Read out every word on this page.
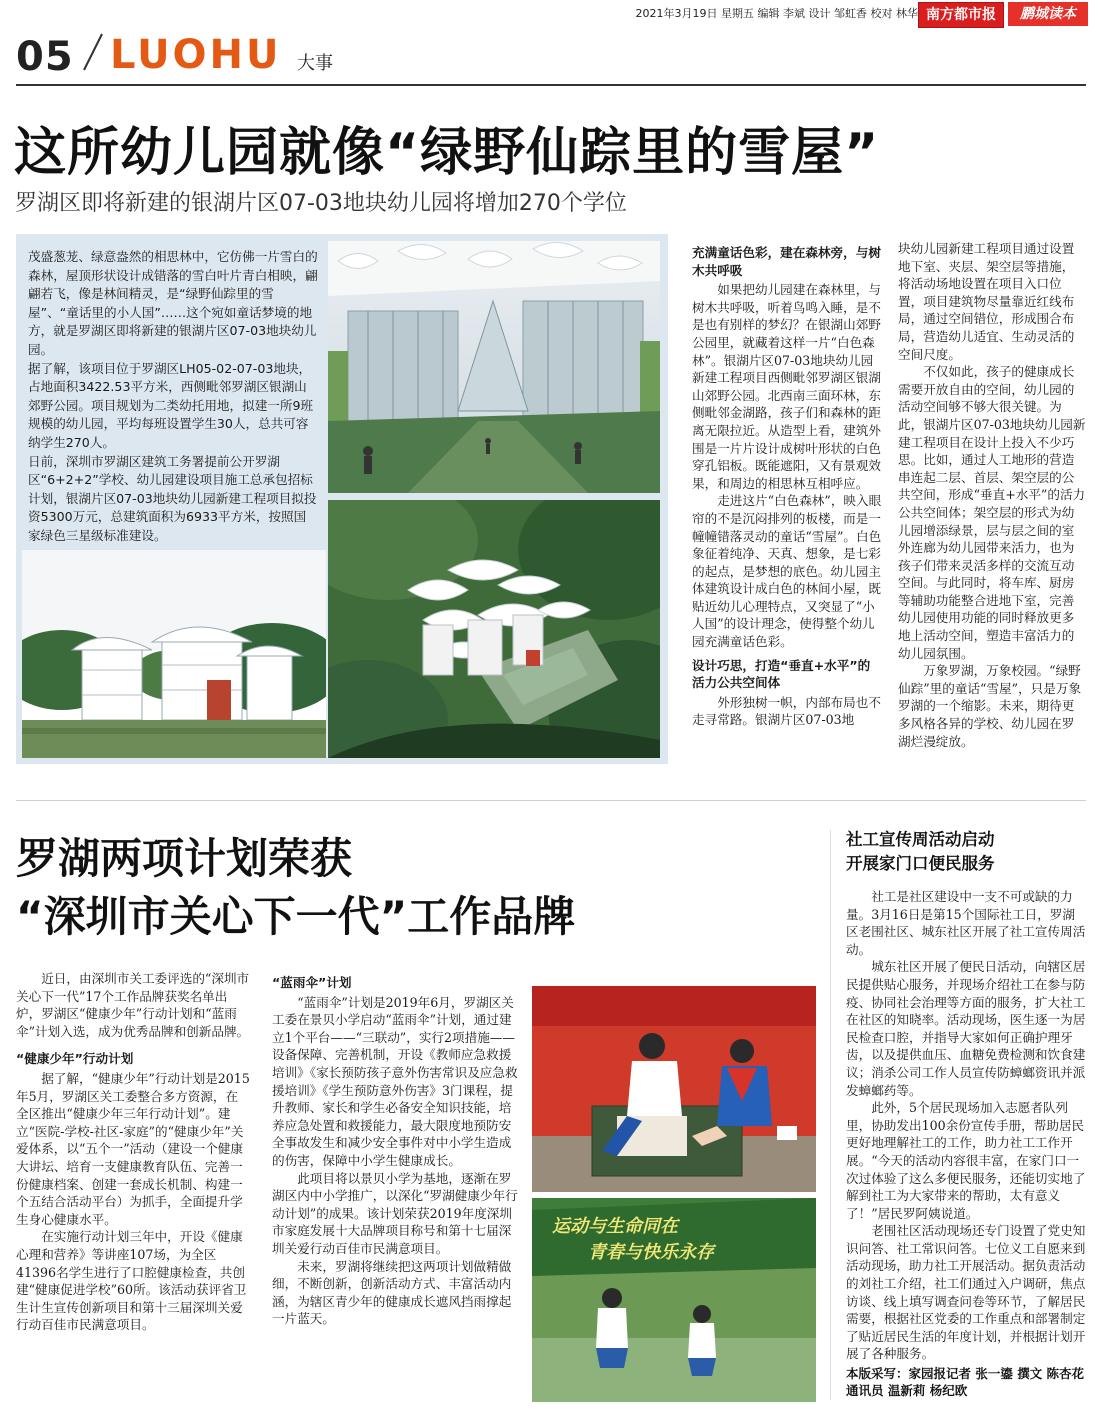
2021年3月19日 星期五 编辑 李斌 设计 邹虹香 校对 林华 南方都市报	鹏城读本
05 LUOHU 大事
这所幼儿园就像“绿野仙踪里的雪屋”
罗湖区即将新建的银湖片区07-03地块幼儿园将增加270个学位

茂盛葱茏、绿意盎然的相思林中，它仿佛一片雪白的森林，屋顶形状设计成错落的雪白叶片青白相映，翩翩若飞，像是林间精灵，是“绿野仙踪里的雪屋”、“童话里的小人国”……这个宛如童话梦境的地方，就是罗湖区即将新建的银湖片区07-03地块幼儿园。

据了解，该项目位于罗湖区LH05-02-07-03地块，占地面积3422.53平方米，西侧毗邻罗湖区银湖山郊野公园。项目规划为二类幼托用地，拟建一所9班规模的幼儿园，平均每班设置学生30人，总共可容纳学生270人。

日前，深圳市罗湖区建筑工务署提前公开罗湖区“6+2+2”学校、幼儿园建设项目施工总承包招标计划，银湖片区07-03地块幼儿园新建工程项目拟投资5300万元，总建筑面积为6933平方米，按照国家绿色三星级标准建设。

充满童话色彩，建在森林旁，与树木共呼吸

如果把幼儿园建在森林里，与树木共呼吸，听着鸟鸣入睡，是不是也有别样的梦幻？在银湖山郊野公园里，就藏着这样一片“白色森林”。银湖片区07-03地块幼儿园新建工程项目西侧毗邻罗湖区银湖山郊野公园。北西南三面环林，东侧毗邻金湖路，孩子们和森林的距离无限拉近。从造型上看，建筑外围是一片片设计成树叶形状的白色穿孔铝板。既能遮阳，又有景观效果，和周边的相思林互相呼应。

走进这片“白色森林”，映入眼帘的不是沉闷排列的板楼，而是一幢幢错落灵动的童话“雪屋”。白色象征着纯净、天真、想象，是七彩的起点，是梦想的底色。幼儿园主体建筑设计成白色的林间小屋，既贴近幼儿心理特点，又突显了“小人国”的设计理念，使得整个幼儿园充满童话色彩。

设计巧思，打造“垂直+水平”的活力公共空间体

外形独树一帜，内部布局也不走寻常路。银湖片区07-03地

块幼儿园新建工程项目通过设置地下室、夹层、架空层等措施，将活动场地设置在项目入口位置，项目建筑物尽量靠近红线布局，通过空间错位，形成围合布局，营造幼儿适宜、生动灵活的空间尺度。

不仅如此，孩子的健康成长需要开放自由的空间，幼儿园的活动空间够不够大很关键。为此，银湖片区07-03地块幼儿园新建工程项目在设计上投入不少巧思。比如，通过人工地形的营造串连起二层、首层、架空层的公共空间，形成“垂直+水平”的活力公共空间体；架空层的形式为幼儿园增添绿景，层与层之间的室外连廊为幼儿园带来活力，也为孩子们带来灵活多样的交流互动空间。与此同时，将车库、厨房等辅助功能整合进地下室，完善幼儿园使用功能的同时释放更多地上活动空间，塑造丰富活力的幼儿园氛围。

万象罗湖，万象校园。“绿野仙踪”里的童话“雪屋”，只是万象罗湖的一个缩影。未来，期待更多风格各异的学校、幼儿园在罗湖烂漫绽放。

罗湖两项计划荣获
“深圳市关心下一代”工作品牌

近日，由深圳市关工委评选的“深圳市关心下一代”17个工作品牌获奖名单出炉，罗湖区“健康少年”行动计划和“蓝雨伞”计划入选，成为优秀品牌和创新品牌。

“健康少年”行动计划

据了解，“健康少年”行动计划是2015年5月，罗湖区关工委整合多方资源，在全区推出“健康少年三年行动计划”。建立“医院-学校-社区-家庭”的“健康少年”关爱体系，以“五个一”活动（建设一个健康大讲坛、培育一支健康教育队伍、完善一份健康档案、创建一套成长机制、构建一个五结合活动平台）为抓手，全面提升学生身心健康水平。

在实施行动计划三年中，开设《健康心理和营养》等讲座107场，为全区41396名学生进行了口腔健康检查，共创建“健康促进学校”60所。该活动获评省卫生计生宣传创新项目和第十三届深圳关爱行动百佳市民满意项目。

“蓝雨伞”计划

“蓝雨伞”计划是2019年6月，罗湖区关工委在景贝小学启动“蓝雨伞”计划，通过建立1个平台——“三联动”，实行2项措施——设备保障、完善机制，开设《教师应急救援培训》《家长预防孩子意外伤害常识及应急救援培训》《学生预防意外伤害》3门课程，提升教师、家长和学生必备安全知识技能，培养应急处置和救援能力，最大限度地预防安全事故发生和减少安全事件对中小学生造成的伤害，保障中小学生健康成长。

此项目将以景贝小学为基地，逐渐在罗湖区内中小学推广，以深化“罗湖健康少年行动计划”的成果。该计划荣获2019年度深圳市家庭发展十大品牌项目称号和第十七届深圳关爱行动百佳市民满意项目。

未来，罗湖将继续把这两项计划做精做细，不断创新，创新活动方式、丰富活动内涵，为辖区青少年的健康成长遮风挡雨撑起一片蓝天。

运动与生命同在
青春与快乐永存
社工宣传周活动启动
开展家门口便民服务

社工是社区建设中一支不可或缺的力量。3月16日是第15个国际社工日，罗湖区老围社区、城东社区开展了社工宣传周活动。

城东社区开展了便民日活动，向辖区居民提供贴心服务，并现场介绍社工在参与防疫、协同社会治理等方面的服务，扩大社工在社区的知晓率。活动现场，医生逐一为居民检查口腔，并指导大家如何正确护理牙齿，以及提供血压、血糖免费检测和饮食建议；消杀公司工作人员宣传防蟑螂资讯并派发蟑螂药等。

此外，5个居民现场加入志愿者队列里，协助发出100余份宣传手册，帮助居民更好地理解社工的工作，助力社工工作开展。“今天的活动内容很丰富，在家门口一次过体验了这么多便民服务，还能切实地了解到社工为大家带来的帮助，太有意义了！”居民罗阿姨说道。

老围社区活动现场还专门设置了党史知识问答、社工常识问答。七位义工自愿来到活动现场，助力社工开展活动。据负责活动的刘社工介绍，社工们通过入户调研，焦点访谈、线上填写调查问卷等环节，了解居民需要，根据社区党委的工作重点和部署制定了贴近居民生活的年度计划，并根据计划开展了各种服务。

本版采写：家园报记者 张一鎏 撰文 陈杏花 通讯员 温新莉 杨纪欧
